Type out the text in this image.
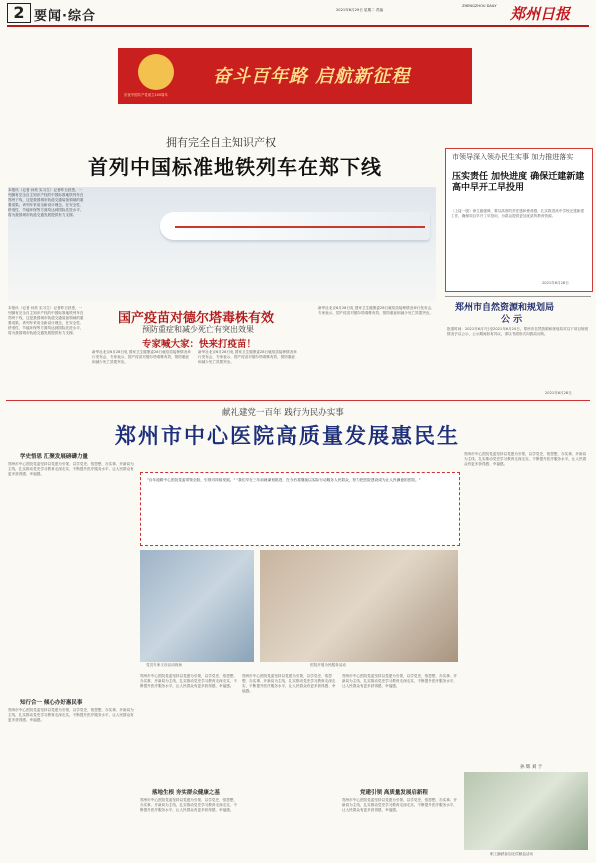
2 要闻·综合	2021年6月29日 星期二 责编
ZHENGZHOU DAILY 郑州日报
奋斗百年路 启航新征程
庆祝中国共产党成立100周年
拥有完全自主知识产权
首列中国标准地铁列车在郑下线
本报讯（记者 孙昊 实习生）记者昨日获悉，一列拥有完全自主知识产权的中国标准地铁列车在郑州下线，这是我国城市轨道交通装备领域的重要成果。该列车采用全新设计理念，在安全性、舒适性、节能环保等方面均达到国际先进水平，将为我国城市轨道交通发展提供有力支撑。
市领导深入领办民生实事 加力推进落实
压实责任 加快进度 确保迁建新建高中早开工早投用
（上接一版）徐立毅强调，要以高度的责任感和使命感，扎实推进高中学校迁建新建工作，确保项目早开工早投用，为群众提供更加优质的教育资源。
2021年6月28日
郑州市自然资源和规划局
公 示
批准时间：2021年6月7日至2021年6月20日。郑州市自然资源和规划局对以下项目规划情况予以公示，公示期间如有异议，请以书面形式向我局反映。
2021年6月28日
本报讯（记者 孙昊 实习生）记者昨日获悉，一列拥有完全自主知识产权的中国标准地铁列车在郑州下线，这是我国城市轨道交通装备领域的重要成果。该列车采用全新设计理念，在安全性、舒适性、节能环保等方面均达到国际先进水平，将为我国城市轨道交通发展提供有力支撑。
国产疫苗对德尔塔毒株有效
预防重症和减少死亡有突出效果
专家喊大家：快来打疫苗！
新华社北京6月28日电 国家卫生健康委28日就疫苗接种情况举行发布会，专家表示，国产疫苗对德尔塔毒株有效，预防重症和减少死亡效果突出。
新华社北京6月28日电 国家卫生健康委28日就疫苗接种情况举行发布会，专家表示，国产疫苗对德尔塔毒株有效，预防重症和减少死亡效果突出。
新华社北京6月28日电 国家卫生健康委28日就疫苗接种情况举行发布会，专家表示，国产疫苗对德尔塔毒株有效，预防重症和减少死亡效果突出。
献礼建党一百年 践行为民办实事
郑州市中心医院高质量发展惠民生
学史悟思 汇聚发展磅礴力量
郑州市中心医院党委坚持以党建为引领，以学党史、悟思想、办实事、开新局为主线，扎实推动党史学习教育走深走实，不断提升医疗服务水平，让人民群众有更多获得感、幸福感。
知行合一 倾心办好惠民事
郑州市中心医院党委坚持以党建为引领，以学党史、悟思想、办实事、开新局为主线，扎实推动党史学习教育走深走实，不断提升医疗服务水平，让人民群众有更多获得感、幸福感。
"百年道路中心医院党委带领全院，引领可持续发展。" "我们早在三年前就谋划推进，在今后将继续以实际行动服务人民群众，努力把医院建设成为让人民满意的医院。"
党员专家义诊活动现场	医院开展为民服务活动
郑州市中心医院党委坚持以党建为引领，以学党史、悟思想、办实事、开新局为主线，扎实推动党史学习教育走深走实，不断提升医疗服务水平，让人民群众有更多获得感、幸福感。
落地生根 夯实群众健康之基
郑州市中心医院党委坚持以党建为引领，以学党史、悟思想、办实事、开新局为主线，扎实推动党史学习教育走深走实，不断提升医疗服务水平，让人民群众有更多获得感、幸福感。
郑州市中心医院党委坚持以党建为引领，以学党史、悟思想、办实事、开新局为主线，扎实推动党史学习教育走深走实，不断提升医疗服务水平，让人民群众有更多获得感、幸福感。
郑州市中心医院党委坚持以党建为引领，以学党史、悟思想、办实事、开新局为主线，扎实推动党史学习教育走深走实，不断提升医疗服务水平，让人民群众有更多获得感、幸福感。
党建引领 高质量发展启新程
郑州市中心医院党委坚持以党建为引领，以学党史、悟思想、办实事、开新局为主线，扎实推动党史学习教育走深走实，不断提升医疗服务水平，让人民群众有更多获得感、幸福感。
郑州市中心医院党委坚持以党建为引领，以学党史、悟思想、办实事、开新局为主线，扎实推动党史学习教育走深走实，不断提升医疗服务水平，让人民群众有更多获得感、幸福感。
孙 辉 刘 于
职工踊跃参加无偿献血活动
